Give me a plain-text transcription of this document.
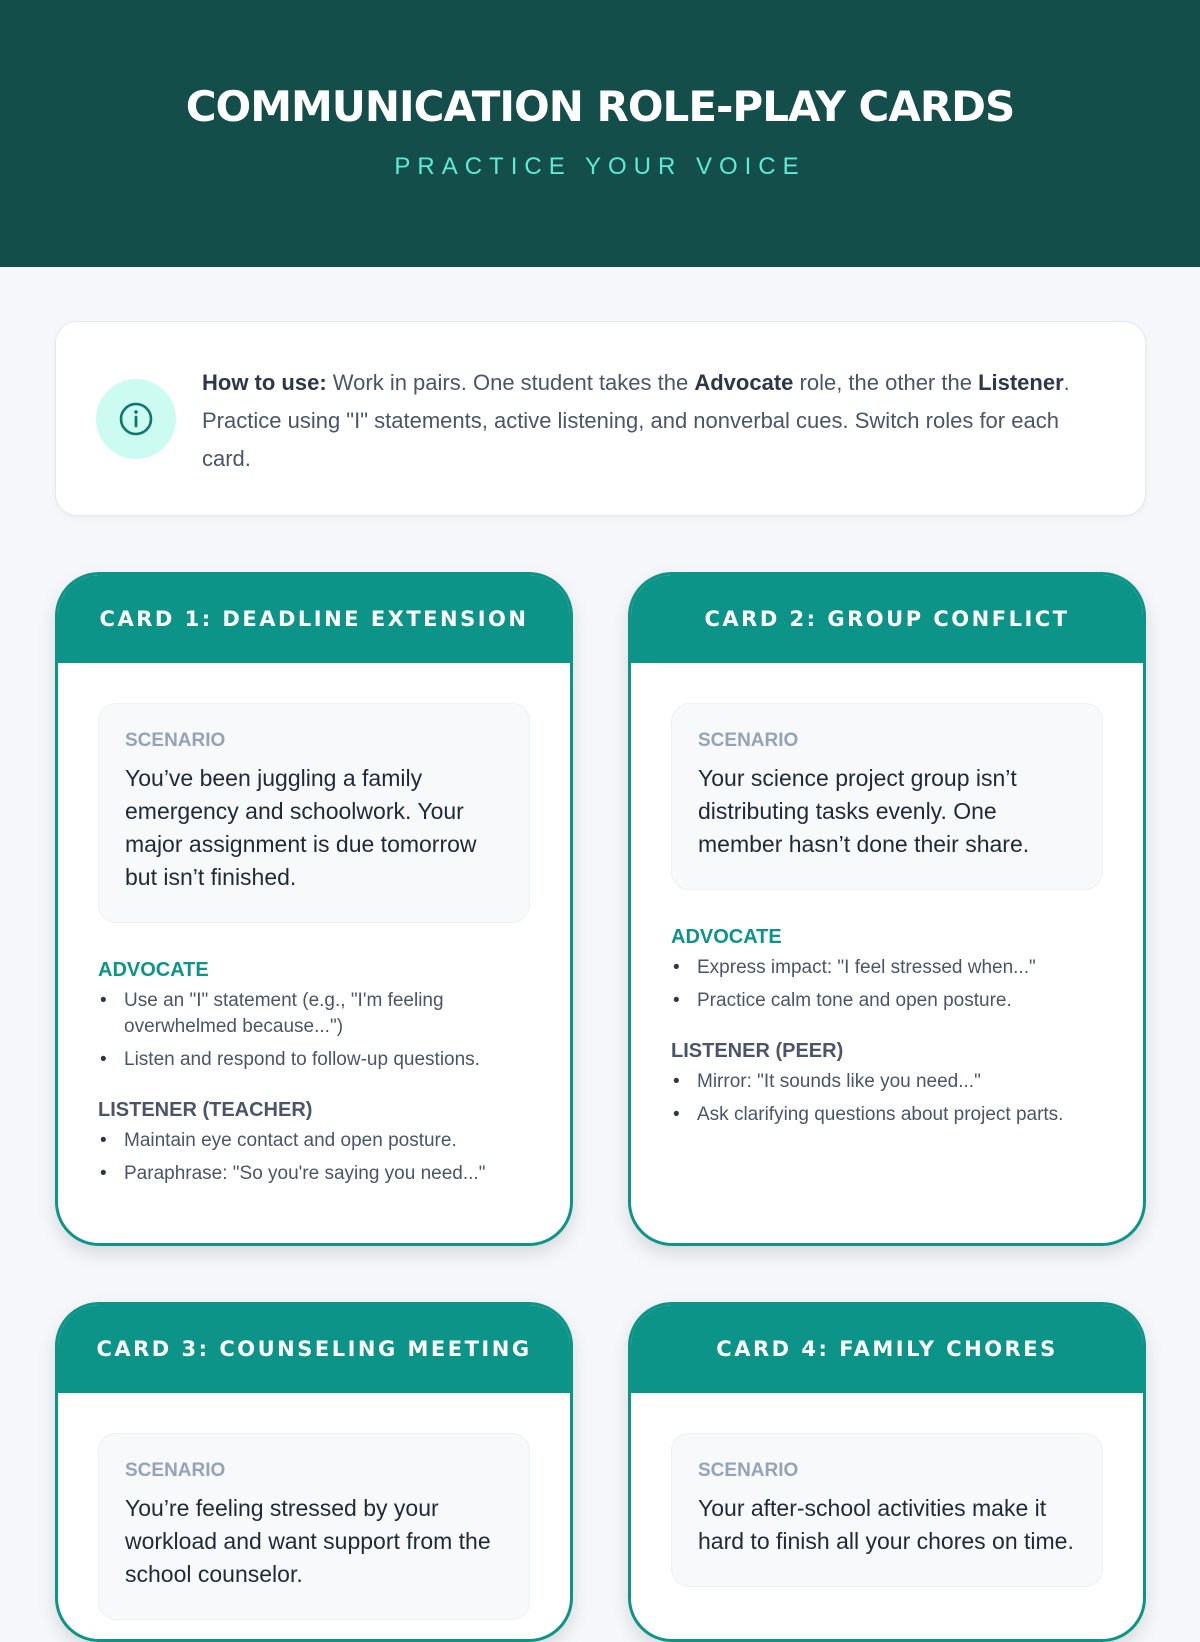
COMMUNICATION ROLE-PLAY CARDS
PRACTICE YOUR VOICE
How to use: Work in pairs. One student takes the Advocate role, the other the Listener. Practice using "I" statements, active listening, and nonverbal cues. Switch roles for each card.
CARD 1: DEADLINE EXTENSION
SCENARIO
You’ve been juggling a family emergency and schoolwork. Your major assignment is due tomorrow but isn’t finished.
ADVOCATE
• Use an "I" statement (e.g., "I'm feeling overwhelmed because...")
• Listen and respond to follow-up questions.
LISTENER (TEACHER)
• Maintain eye contact and open posture.
• Paraphrase: "So you're saying you need..."
CARD 2: GROUP CONFLICT
SCENARIO
Your science project group isn’t distributing tasks evenly. One member hasn’t done their share.
ADVOCATE
• Express impact: "I feel stressed when..."
• Practice calm tone and open posture.
LISTENER (PEER)
• Mirror: "It sounds like you need..."
• Ask clarifying questions about project parts.
CARD 3: COUNSELING MEETING
SCENARIO
You’re feeling stressed by your workload and want support from the school counselor.
CARD 4: FAMILY CHORES
SCENARIO
Your after-school activities make it hard to finish all your chores on time.
